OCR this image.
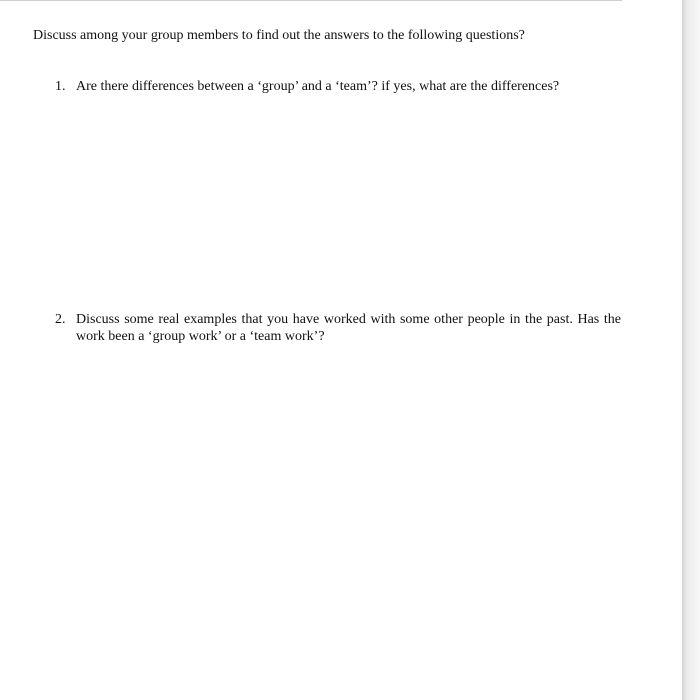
Discuss among your group members to find out the answers to the following questions?
1. Are there differences between a ‘group’ and a ‘team’? if yes, what are the differences?
2. Discuss some real examples that you have worked with some other people in the past. Has the work been a ‘group work’ or a ‘team work’?
